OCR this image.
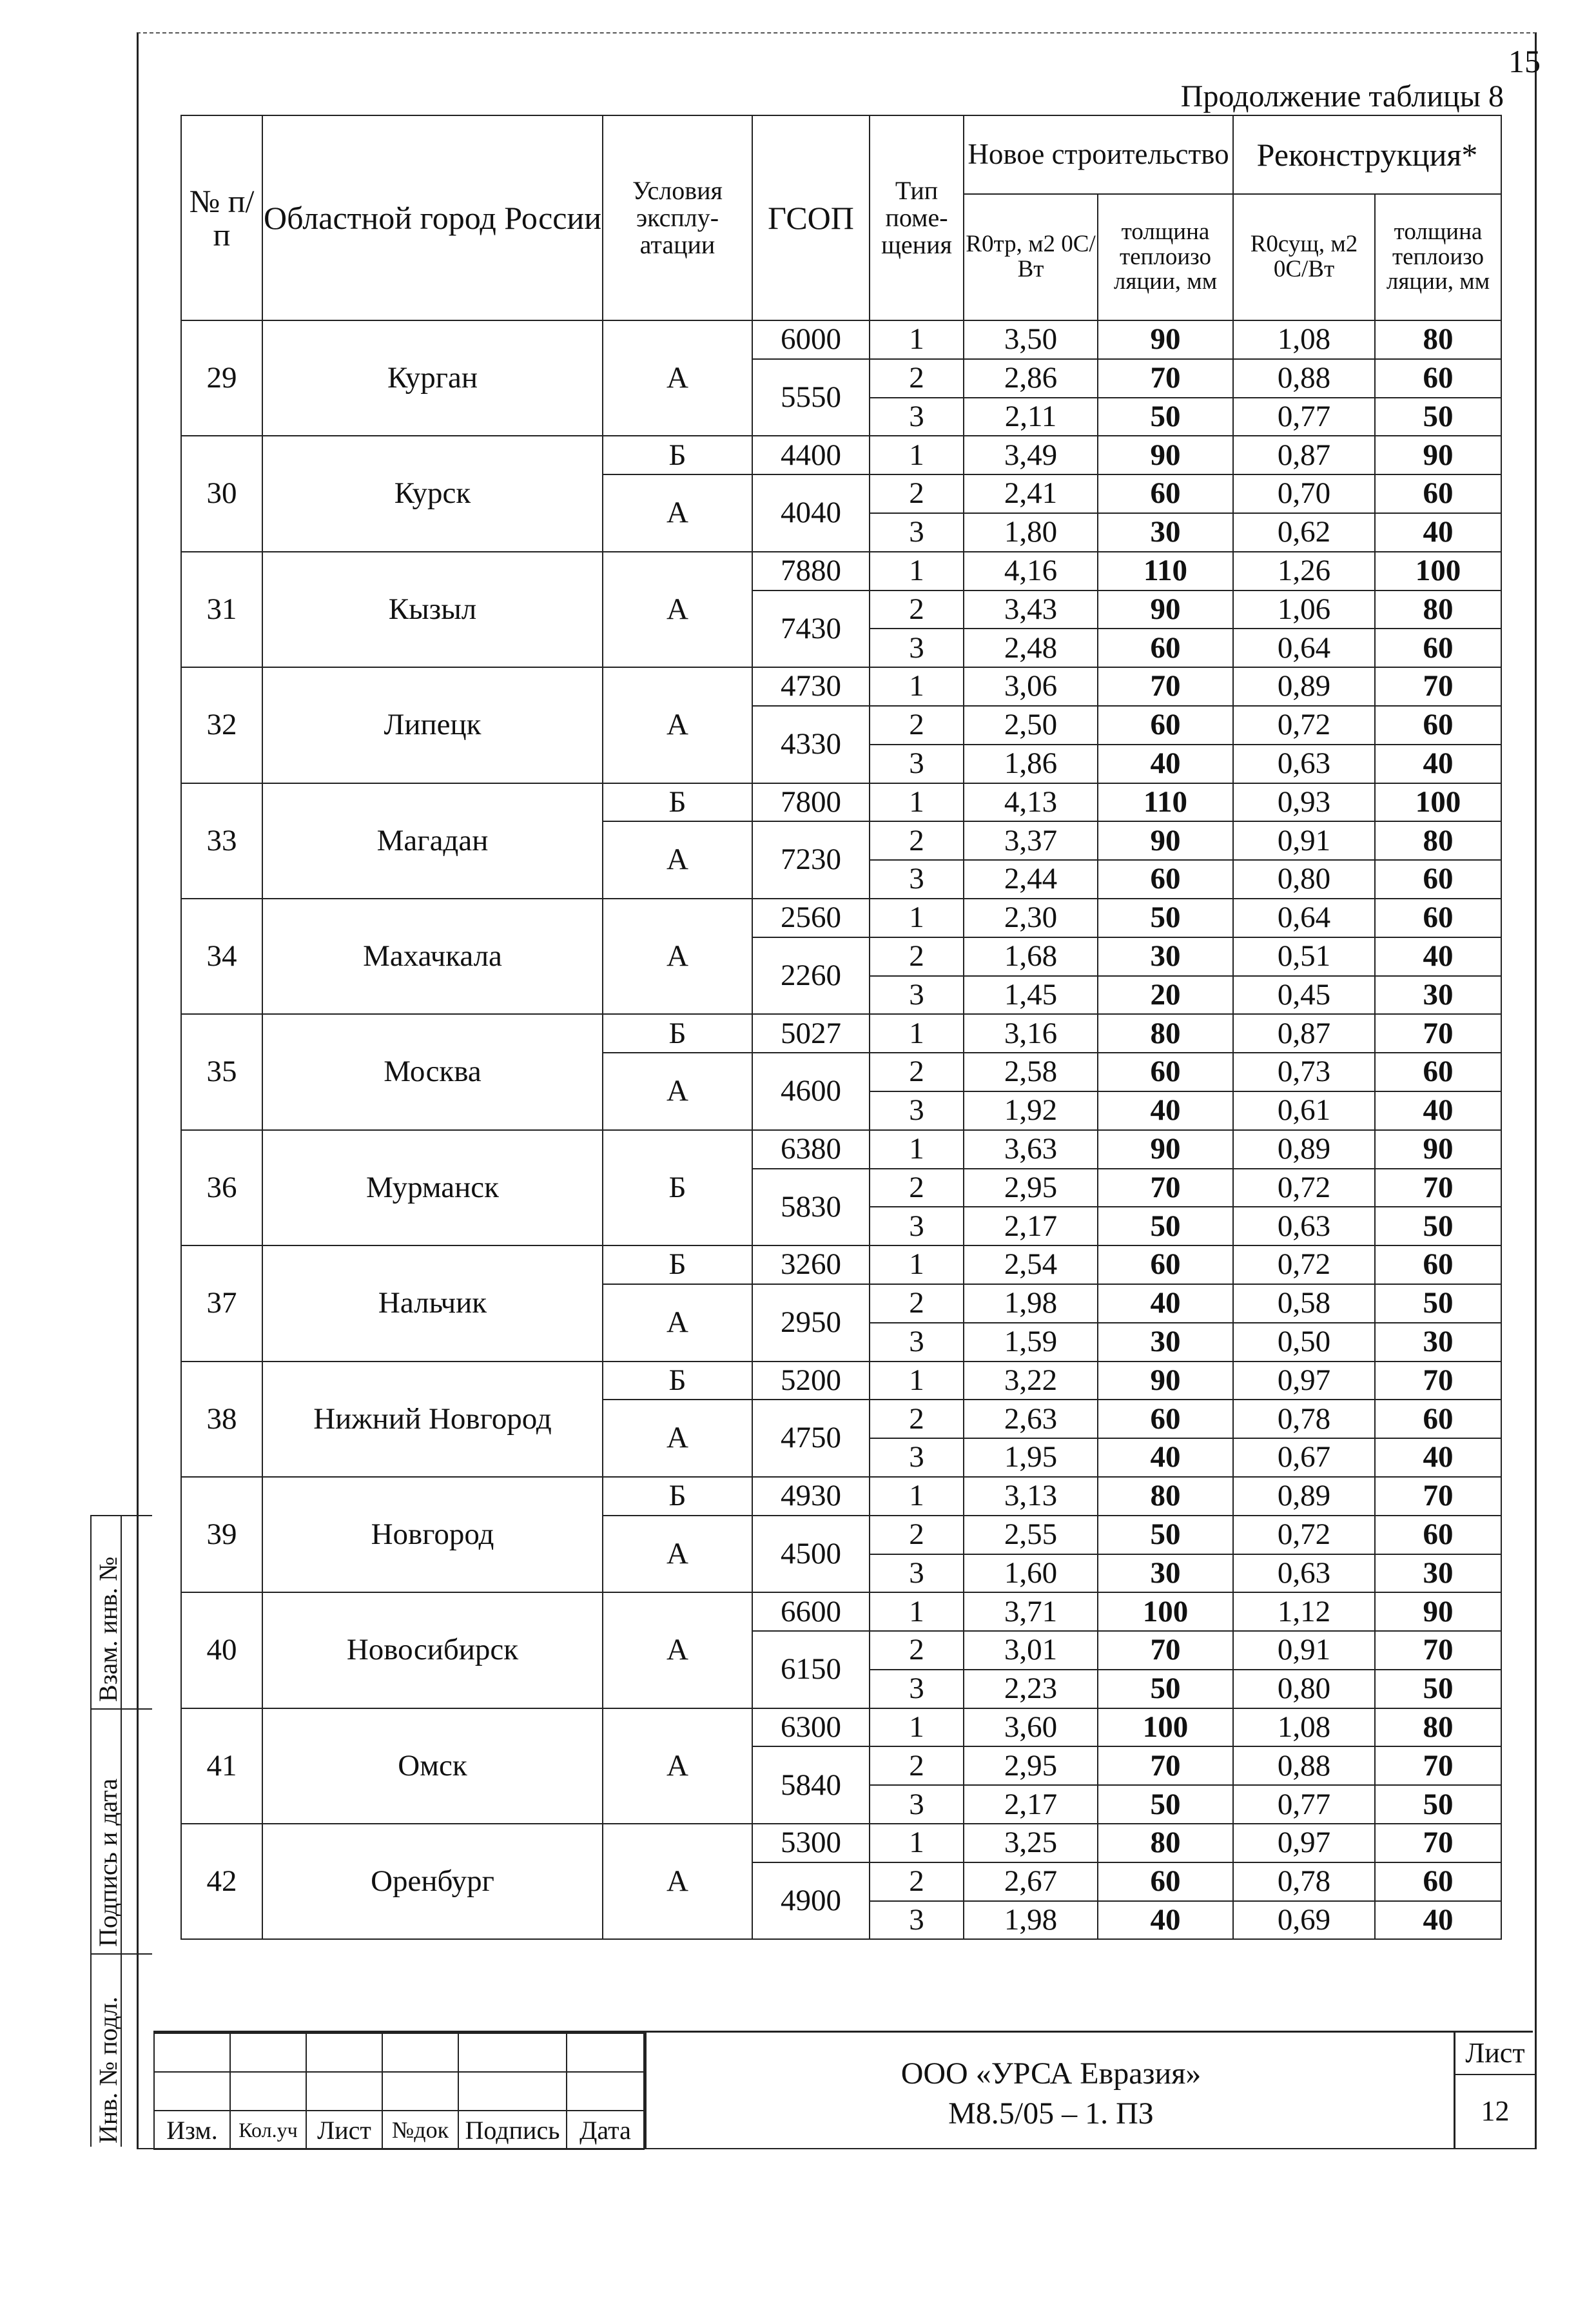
15
Продолжение таблицы 8
№ п/п	Областной город России	Условия эксплу-атации	ГСОП	Тип поме-щения	Новое строительство		Реконструкция*	
					R0тр, м2 0С/Вт	толщина теплоизо ляции, мм	R0сущ, м2 0С/Вт	толщина теплоизо ляции, мм
29	Курган	А	6000	1	3,50	90	1,08	80
			5550	2	2,86	70	0,88	60
				3	2,11	50	0,77	50
30	Курск	Б	4400	1	3,49	90	0,87	90
		А	4040	2	2,41	60	0,70	60
				3	1,80	30	0,62	40
31	Кызыл	А	7880	1	4,16	110	1,26	100
			7430	2	3,43	90	1,06	80
				3	2,48	60	0,64	60
32	Липецк	А	4730	1	3,06	70	0,89	70
			4330	2	2,50	60	0,72	60
				3	1,86	40	0,63	40
33	Магадан	Б	7800	1	4,13	110	0,93	100
		А	7230	2	3,37	90	0,91	80
				3	2,44	60	0,80	60
34	Махачкала	А	2560	1	2,30	50	0,64	60
			2260	2	1,68	30	0,51	40
				3	1,45	20	0,45	30
35	Москва	Б	5027	1	3,16	80	0,87	70
		А	4600	2	2,58	60	0,73	60
				3	1,92	40	0,61	40
36	Мурманск	Б	6380	1	3,63	90	0,89	90
			5830	2	2,95	70	0,72	70
				3	2,17	50	0,63	50
37	Нальчик	Б	3260	1	2,54	60	0,72	60
		А	2950	2	1,98	40	0,58	50
				3	1,59	30	0,50	30
38	Нижний Новгород	Б	5200	1	3,22	90	0,97	70
		А	4750	2	2,63	60	0,78	60
				3	1,95	40	0,67	40
39	Новгород	Б	4930	1	3,13	80	0,89	70
		А	4500	2	2,55	50	0,72	60
				3	1,60	30	0,63	30
40	Новосибирск	А	6600	1	3,71	100	1,12	90
			6150	2	3,01	70	0,91	70
				3	2,23	50	0,80	50
41	Омск	А	6300	1	3,60	100	1,08	80
			5840	2	2,95	70	0,88	70
				3	2,17	50	0,77	50
42	Оренбург	А	5300	1	3,25	80	0,97	70
			4900	2	2,67	60	0,78	60
				3	1,98	40	0,69	40
Инв. № подл.
Подпись и дата
Взам. инв. №

Изм.	Кол.уч	Лист	№док	Подпись	Дата
ООО «УРСА Евразия»
М8.5/05 – 1. ПЗ
Лист
12
